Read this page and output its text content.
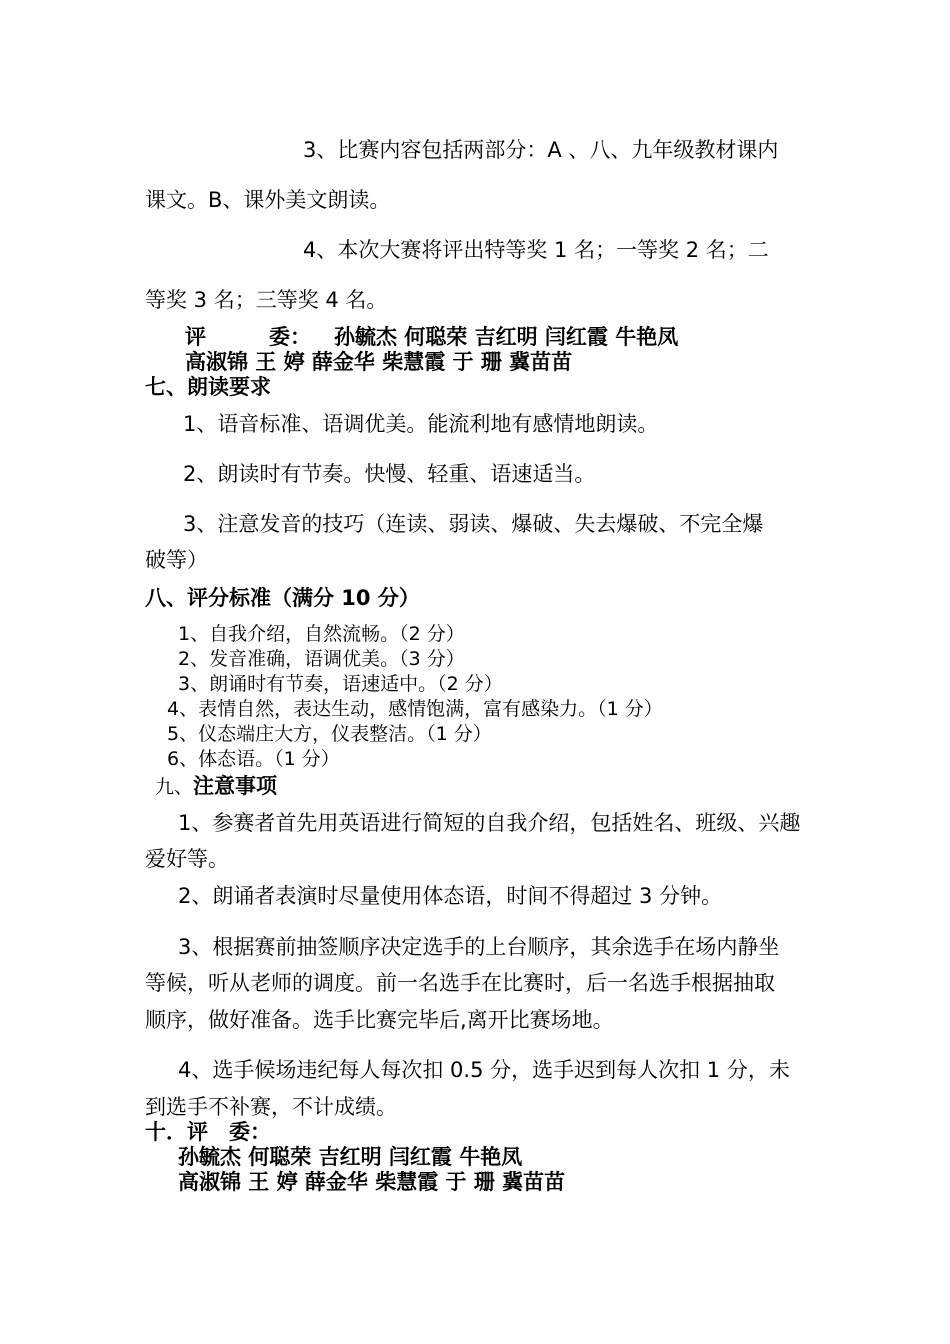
3、比赛内容包括两部分：A 、八、九年级教材课内
课文。B、课外美文朗读。
4、本次大赛将评出特等奖 1 名；一等奖 2 名；二
等奖 3 名；三等奖 4 名。
评　　　委： 孙毓杰 何聪荣 吉红明 闫红霞 牛艳凤
高淑锦 王 婷 薛金华 柴慧霞 于 珊 冀苗苗
七、朗读要求
1、语音标准、语调优美。能流利地有感情地朗读。
2、朗读时有节奏。快慢、轻重、语速适当。
3、注意发音的技巧（连读、弱读、爆破、失去爆破、不完全爆
破等）
八、评分标准（满分 10 分）
1、自我介绍，自然流畅。（2 分）
2、发音准确，语调优美。（3 分）
3、朗诵时有节奏，语速适中。（2 分）
4、表情自然，表达生动，感情饱满，富有感染力。（1 分）
5、仪态端庄大方，仪表整洁。（1 分）
6、体态语。（1 分）
九、注意事项
1、参赛者首先用英语进行简短的自我介绍，包括姓名、班级、兴趣
爱好等。
2、朗诵者表演时尽量使用体态语，时间不得超过 3 分钟。
3、根据赛前抽签顺序决定选手的上台顺序，其余选手在场内静坐
等候，听从老师的调度。前一名选手在比赛时，后一名选手根据抽取
顺序，做好准备。选手比赛完毕后,离开比赛场地。
4、选手候场违纪每人每次扣 0.5 分，选手迟到每人次扣 1 分，未
到选手不补赛，不计成绩。
十．评　委：
孙毓杰 何聪荣 吉红明 闫红霞 牛艳凤
高淑锦 王 婷 薛金华 柴慧霞 于 珊 冀苗苗
